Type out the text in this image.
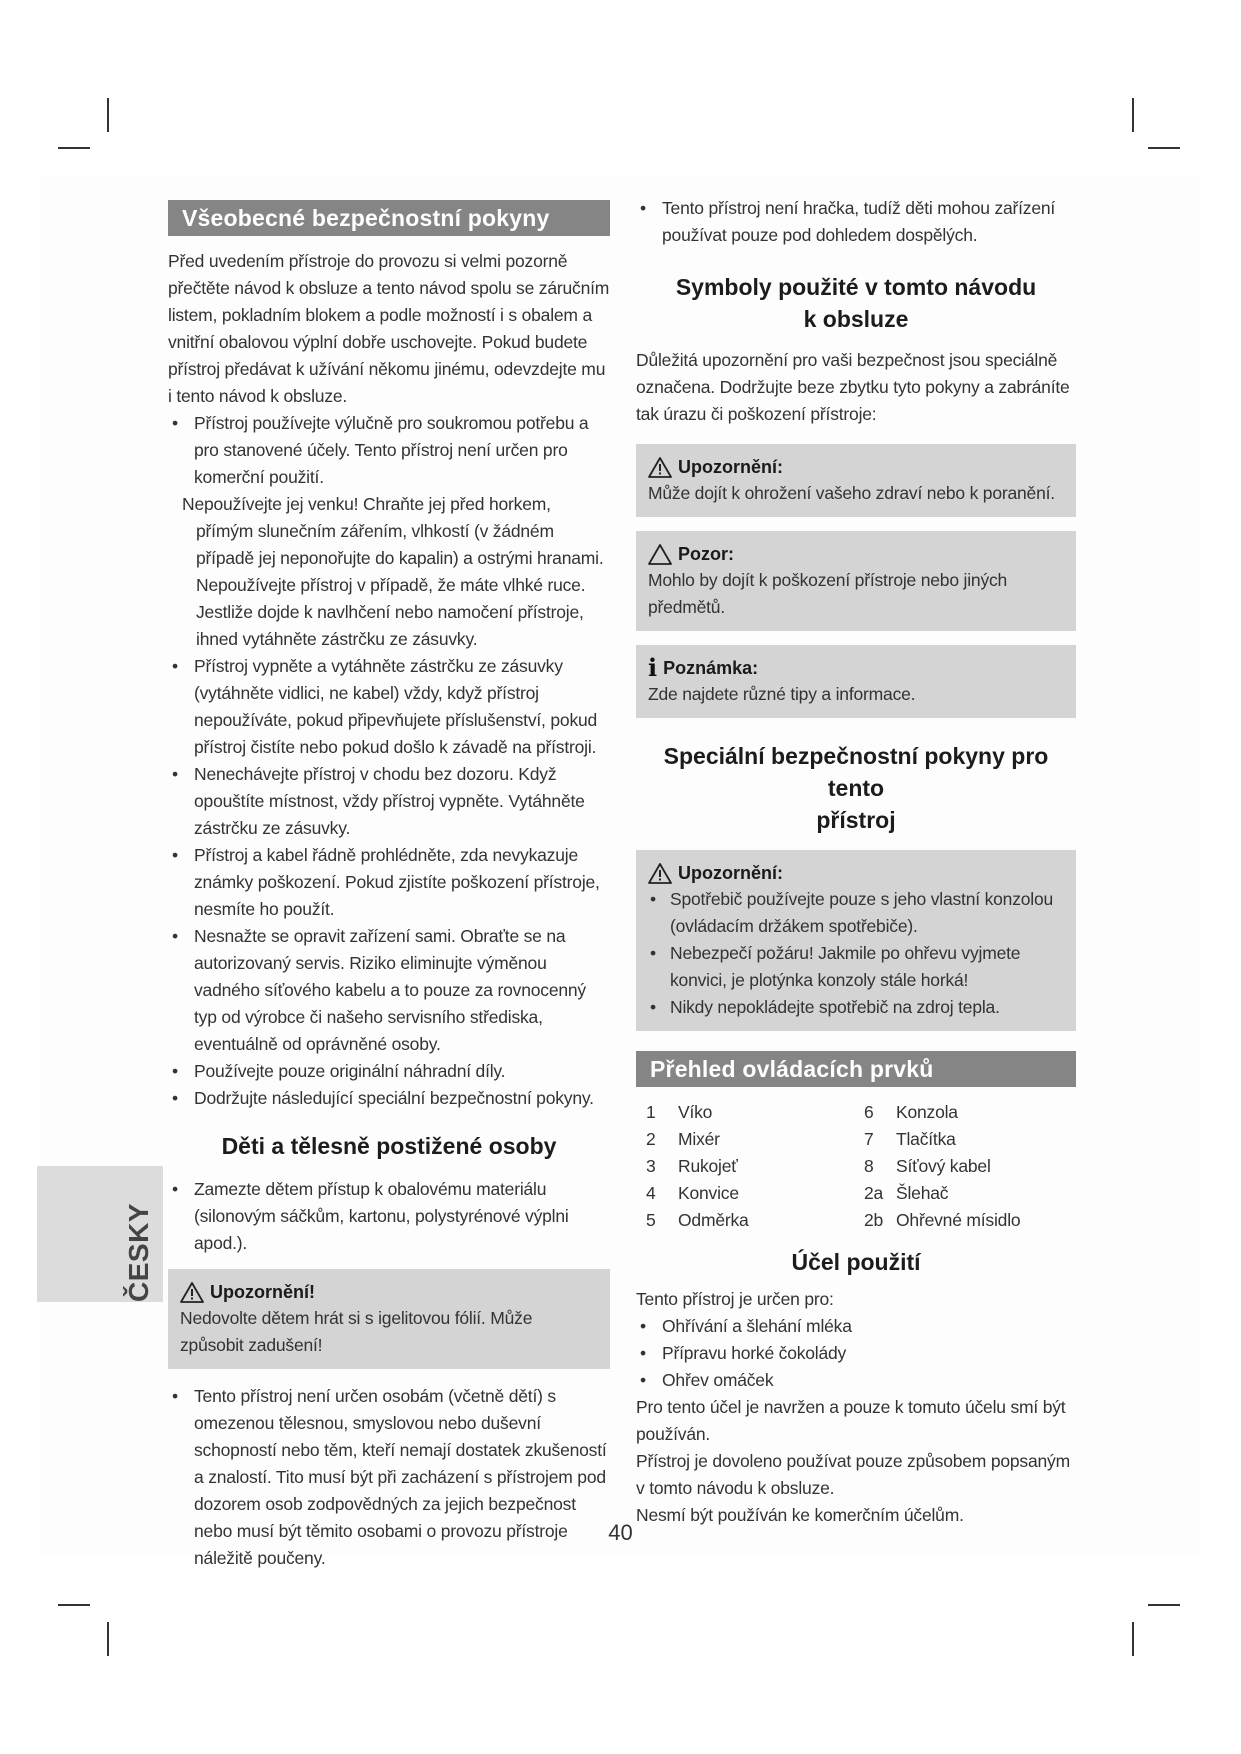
ČESKY
Všeobecné bezpečnostní pokyny
Před uvedením přístroje do provozu si velmi pozorně přečtěte návod k obsluze a tento návod spolu se záručním listem, pokladním blokem a podle možností i s obalem a vnitřní obalovou výplní dobře uschovejte. Pokud budete přístroj předávat k užívání někomu jinému, odevzdejte mu i tento návod k obsluze.
• Přístroj používejte výlučně pro soukromou potřebu a pro stanovené účely. Tento přístroj není určen pro komerční použití.
Nepoužívejte jej venku! Chraňte jej před horkem, přímým slunečním zářením, vlhkostí (v žádném případě jej neponořujte do kapalin) a ostrými hranami. Nepoužívejte přístroj v případě, že máte vlhké ruce. Jestliže dojde k navlhčení nebo namočení přístroje, ihned vytáhněte zástrčku ze zásuvky.
• Přístroj vypněte a vytáhněte zástrčku ze zásuvky (vytáhněte vidlici, ne kabel) vždy, když přístroj nepoužíváte, pokud připevňujete příslušenství, pokud přístroj čistíte nebo pokud došlo k závadě na přístroji.
• Nenechávejte přístroj v chodu bez dozoru. Když opouštíte místnost, vždy přístroj vypněte. Vytáhněte zástrčku ze zásuvky.
• Přístroj a kabel řádně prohlédněte, zda nevykazuje známky poškození. Pokud zjistíte poškození přístroje, nesmíte ho použít.
• Nesnažte se opravit zařízení sami. Obraťte se na autorizovaný servis. Riziko eliminujte výměnou vadného síťového kabelu a to pouze za rovnocenný typ od výrobce či našeho servisního střediska, eventuálně od oprávněné osoby.
• Používejte pouze originální náhradní díly.
• Dodržujte následující speciální bezpečnostní pokyny.
Děti a tělesně postižené osoby
• Zamezte dětem přístup k obalovému materiálu (silonovým sáčkům, kartonu, polystyrénové výplni apod.).
Upozornění!
Nedovolte dětem hrát si s igelitovou fólií. Může způsobit zadušení!
• Tento přístroj není určen osobám (včetně dětí) s omezenou tělesnou, smyslovou nebo duševní schopností nebo těm, kteří nemají dostatek zkušeností a znalostí. Tito musí být při zacházení s přístrojem pod dozorem osob zodpovědných za jejich bezpečnost nebo musí být těmito osobami o provozu přístroje náležitě poučeny.
• Tento přístroj není hračka, tudíž děti mohou zařízení používat pouze pod dohledem dospělých.
Symboly použité v tomto návodu
k obsluze
Důležitá upozornění pro vaši bezpečnost jsou speciálně označena. Dodržujte beze zbytku tyto pokyny a zabráníte tak úrazu či poškození přístroje:
Upozornění:
Může dojít k ohrožení vašeho zdraví nebo k poranění.
Pozor:
Mohlo by dojít k poškození přístroje nebo jiných předmětů.
i Poznámka:
Zde najdete různé tipy a informace.
Speciální bezpečnostní pokyny pro tento
přístroj
Upozornění:
• Spotřebič používejte pouze s jeho vlastní konzolou (ovládacím držákem spotřebiče).
• Nebezpečí požáru! Jakmile po ohřevu vyjmete konvici, je plotýnka konzoly stále horká!
• Nikdy nepokládejte spotřebič na zdroj tepla.
Přehled ovládacích prvků
1	Víko	6	Konzola
2	Mixér	7	Tlačítka
3	Rukojeť	8	Síťový kabel
4	Konvice	2a Šlehač
5	Odměrka	2b Ohřevné mísidlo
Účel použití
Tento přístroj je určen pro:
• Ohřívání a šlehání mléka
• Přípravu horké čokolády
• Ohřev omáček
Pro tento účel je navržen a pouze k tomuto účelu smí být používán.
Přístroj je dovoleno používat pouze způsobem popsaným v tomto návodu k obsluze.
Nesmí být používán ke komerčním účelům.
40
